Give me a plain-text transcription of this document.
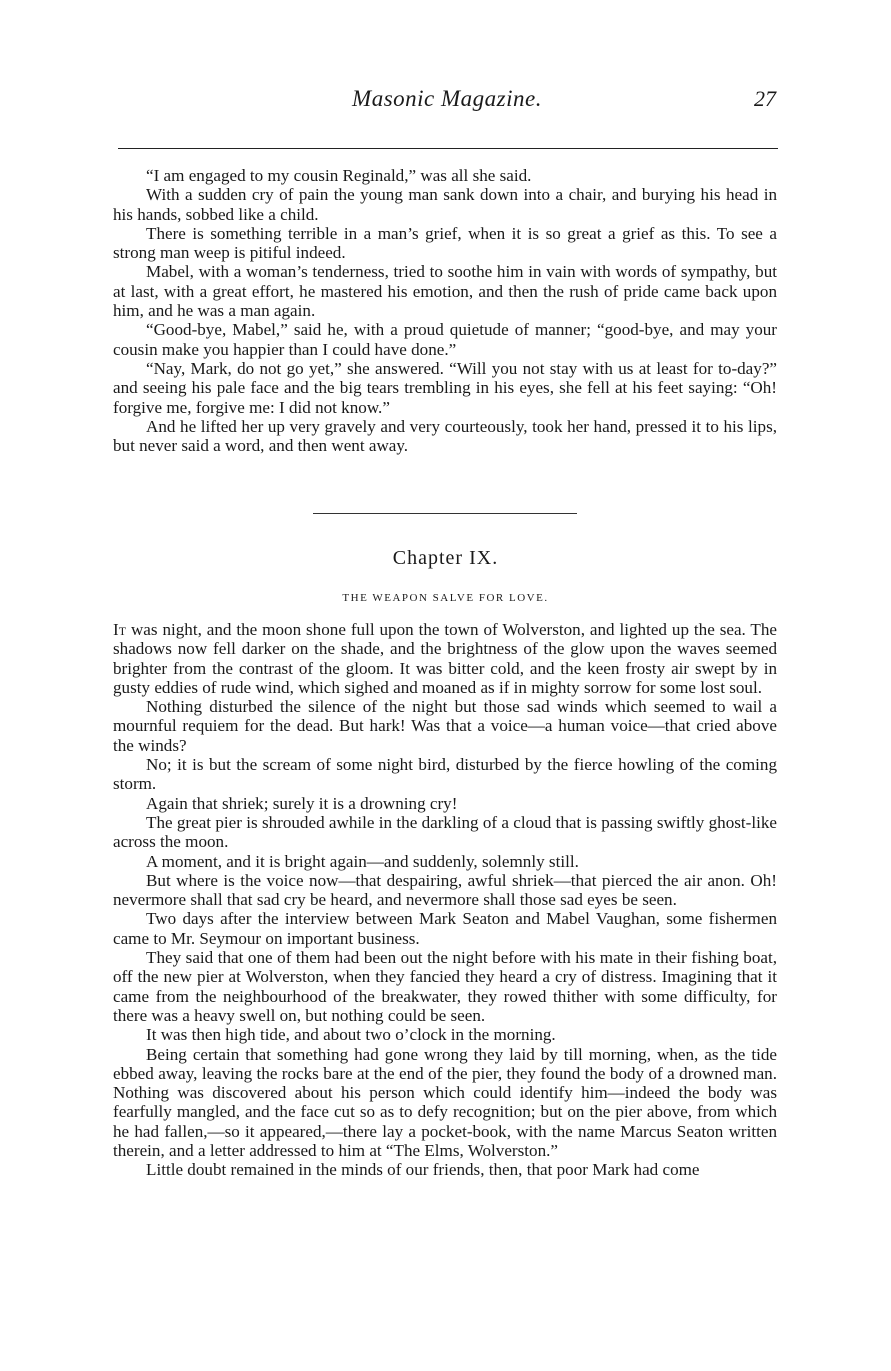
Masonic Magazine.	27

“I am engaged to my cousin Reginald,” was all she said.

With a sudden cry of pain the young man sank down into a chair, and burying his head in his hands, sobbed like a child.

There is something terrible in a man’s grief, when it is so great a grief as this. To see a strong man weep is pitiful indeed.

Mabel, with a woman’s tenderness, tried to soothe him in vain with words of sympathy, but at last, with a great effort, he mastered his emotion, and then the rush of pride came back upon him, and he was a man again.

“Good-bye, Mabel,” said he, with a proud quietude of manner; “good-bye, and may your cousin make you happier than I could have done.”

“Nay, Mark, do not go yet,” she answered. “Will you not stay with us at least for to-day?” and seeing his pale face and the big tears trembling in his eyes, she fell at his feet saying: “Oh! forgive me, forgive me: I did not know.”

And he lifted her up very gravely and very courteously, took her hand, pressed it to his lips, but never said a word, and then went away.

Chapter IX.
THE WEAPON SALVE FOR LOVE.

It was night, and the moon shone full upon the town of Wolverston, and lighted up the sea. The shadows now fell darker on the shade, and the brightness of the glow upon the waves seemed brighter from the contrast of the gloom. It was bitter cold, and the keen frosty air swept by in gusty eddies of rude wind, which sighed and moaned as if in mighty sorrow for some lost soul.

Nothing disturbed the silence of the night but those sad winds which seemed to wail a mournful requiem for the dead. But hark! Was that a voice—a human voice—that cried above the winds?

No; it is but the scream of some night bird, disturbed by the fierce howling of the coming storm.

Again that shriek; surely it is a drowning cry!

The great pier is shrouded awhile in the darkling of a cloud that is passing swiftly ghost-like across the moon.

A moment, and it is bright again—and suddenly, solemnly still.

But where is the voice now—that despairing, awful shriek—that pierced the air anon. Oh! nevermore shall that sad cry be heard, and nevermore shall those sad eyes be seen.

Two days after the interview between Mark Seaton and Mabel Vaughan, some fishermen came to Mr. Seymour on important business.

They said that one of them had been out the night before with his mate in their fishing boat, off the new pier at Wolverston, when they fancied they heard a cry of distress. Imagining that it came from the neighbourhood of the breakwater, they rowed thither with some difficulty, for there was a heavy swell on, but nothing could be seen.

It was then high tide, and about two o’clock in the morning.

Being certain that something had gone wrong they laid by till morning, when, as the tide ebbed away, leaving the rocks bare at the end of the pier, they found the body of a drowned man. Nothing was discovered about his person which could identify him—indeed the body was fearfully mangled, and the face cut so as to defy recognition; but on the pier above, from which he had fallen,—so it appeared,—there lay a pocket-book, with the name Marcus Seaton written therein, and a letter addressed to him at “The Elms, Wolverston.”

Little doubt remained in the minds of our friends, then, that poor Mark had come
